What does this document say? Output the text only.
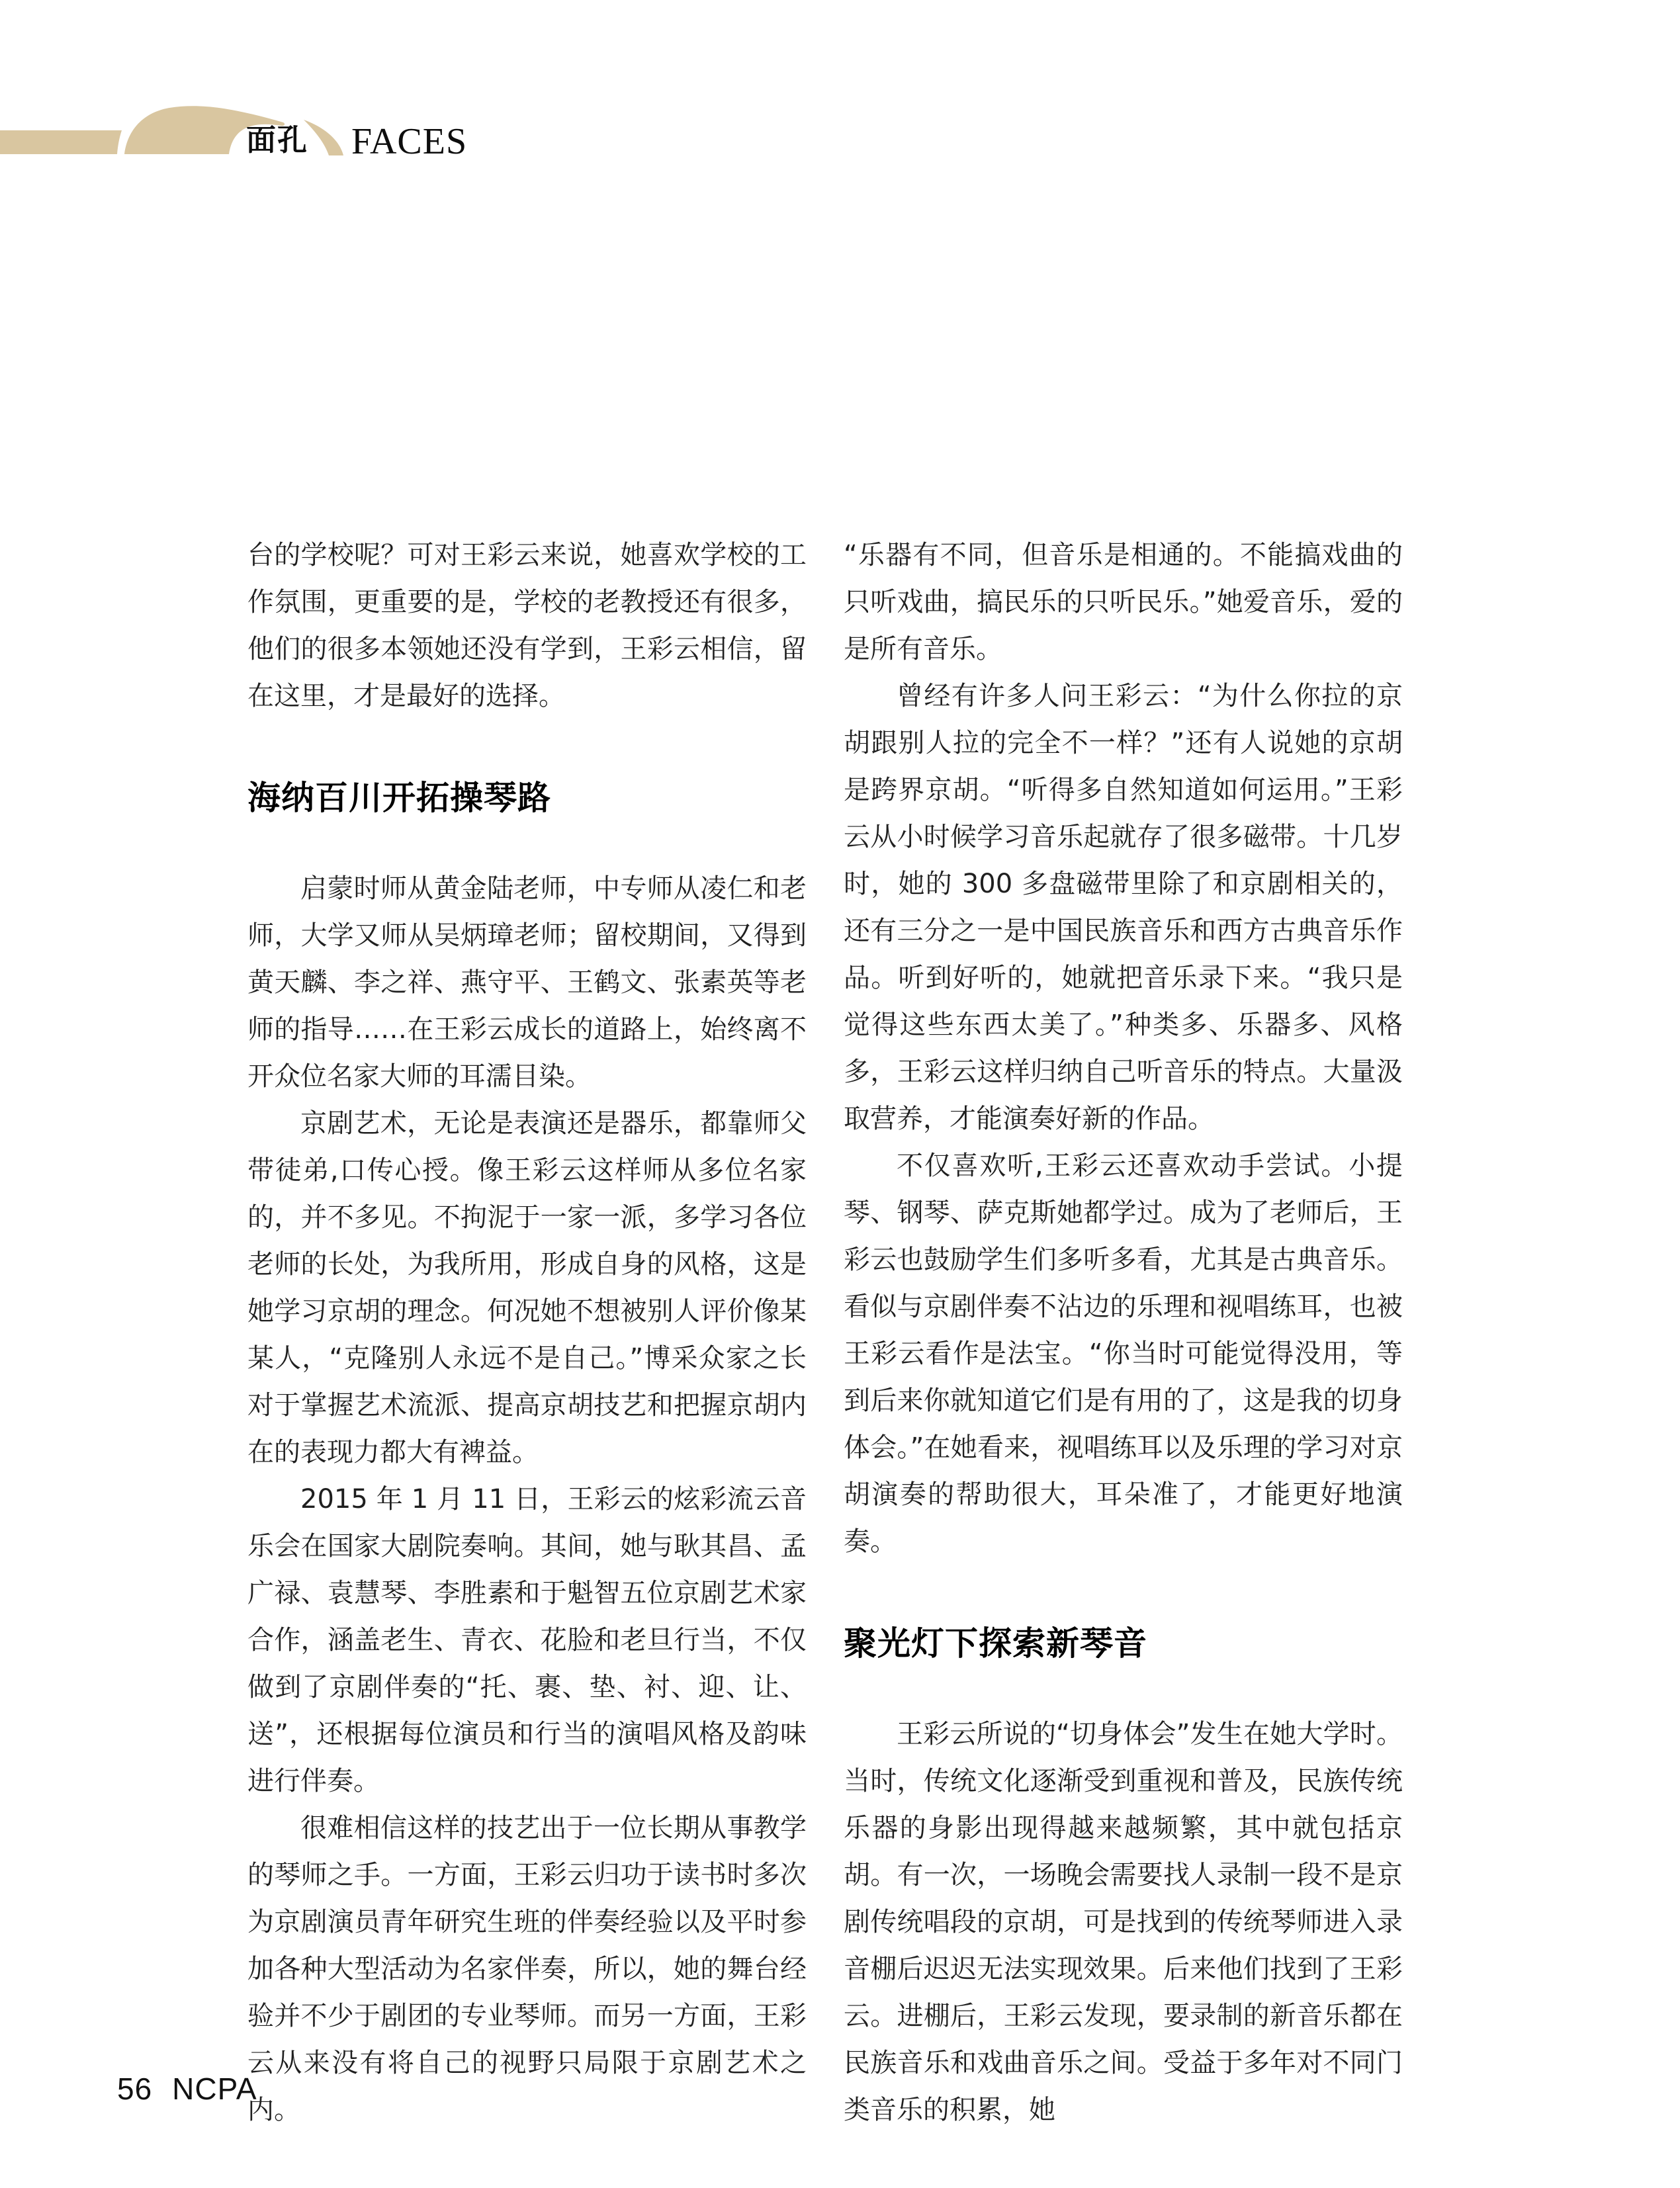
面孔 FACES

台的学校呢？可对王彩云来说，她喜欢学校的工作氛围，更重要的是，学校的老教授还有很多，他们的很多本领她还没有学到，王彩云相信，留在这里，才是最好的选择。

海纳百川开拓操琴路

启蒙时师从黄金陆老师，中专师从凌仁和老师，大学又师从吴炳璋老师；留校期间，又得到黄天麟、李之祥、燕守平、王鹤文、张素英等老师的指导……在王彩云成长的道路上，始终离不开众位名家大师的耳濡目染。

京剧艺术，无论是表演还是器乐，都靠师父带徒弟,口传心授。像王彩云这样师从多位名家的，并不多见。不拘泥于一家一派，多学习各位老师的长处，为我所用，形成自身的风格，这是她学习京胡的理念。何况她不想被别人评价像某某人，“克隆别人永远不是自己。”博采众家之长对于掌握艺术流派、提高京胡技艺和把握京胡内在的表现力都大有裨益。

2015 年 1 月 11 日，王彩云的炫彩流云音乐会在国家大剧院奏响。其间，她与耿其昌、孟广禄、袁慧琴、李胜素和于魁智五位京剧艺术家合作，涵盖老生、青衣、花脸和老旦行当，不仅做到了京剧伴奏的“托、裹、垫、衬、迎、让、送”，还根据每位演员和行当的演唱风格及韵味进行伴奏。

很难相信这样的技艺出于一位长期从事教学的琴师之手。一方面，王彩云归功于读书时多次为京剧演员青年研究生班的伴奏经验以及平时参加各种大型活动为名家伴奏，所以，她的舞台经验并不少于剧团的专业琴师。而另一方面，王彩云从来没有将自己的视野只局限于京剧艺术之内。

“乐器有不同，但音乐是相通的。不能搞戏曲的只听戏曲，搞民乐的只听民乐。”她爱音乐，爱的是所有音乐。

曾经有许多人问王彩云：“为什么你拉的京胡跟别人拉的完全不一样？”还有人说她的京胡是跨界京胡。“听得多自然知道如何运用。”王彩云从小时候学习音乐起就存了很多磁带。十几岁时，她的 300 多盘磁带里除了和京剧相关的，还有三分之一是中国民族音乐和西方古典音乐作品。听到好听的，她就把音乐录下来。“我只是觉得这些东西太美了。”种类多、乐器多、风格多，王彩云这样归纳自己听音乐的特点。大量汲取营养，才能演奏好新的作品。

不仅喜欢听,王彩云还喜欢动手尝试。小提琴、钢琴、萨克斯她都学过。成为了老师后，王彩云也鼓励学生们多听多看，尤其是古典音乐。看似与京剧伴奏不沾边的乐理和视唱练耳，也被王彩云看作是法宝。“你当时可能觉得没用，等到后来你就知道它们是有用的了，这是我的切身体会。”在她看来，视唱练耳以及乐理的学习对京胡演奏的帮助很大，耳朵准了，才能更好地演奏。

聚光灯下探索新琴音

王彩云所说的“切身体会”发生在她大学时。当时，传统文化逐渐受到重视和普及，民族传统乐器的身影出现得越来越频繁，其中就包括京胡。有一次，一场晚会需要找人录制一段不是京剧传统唱段的京胡，可是找到的传统琴师进入录音棚后迟迟无法实现效果。后来他们找到了王彩云。进棚后，王彩云发现，要录制的新音乐都在民族音乐和戏曲音乐之间。受益于多年对不同门类音乐的积累，她

56 NCPA
